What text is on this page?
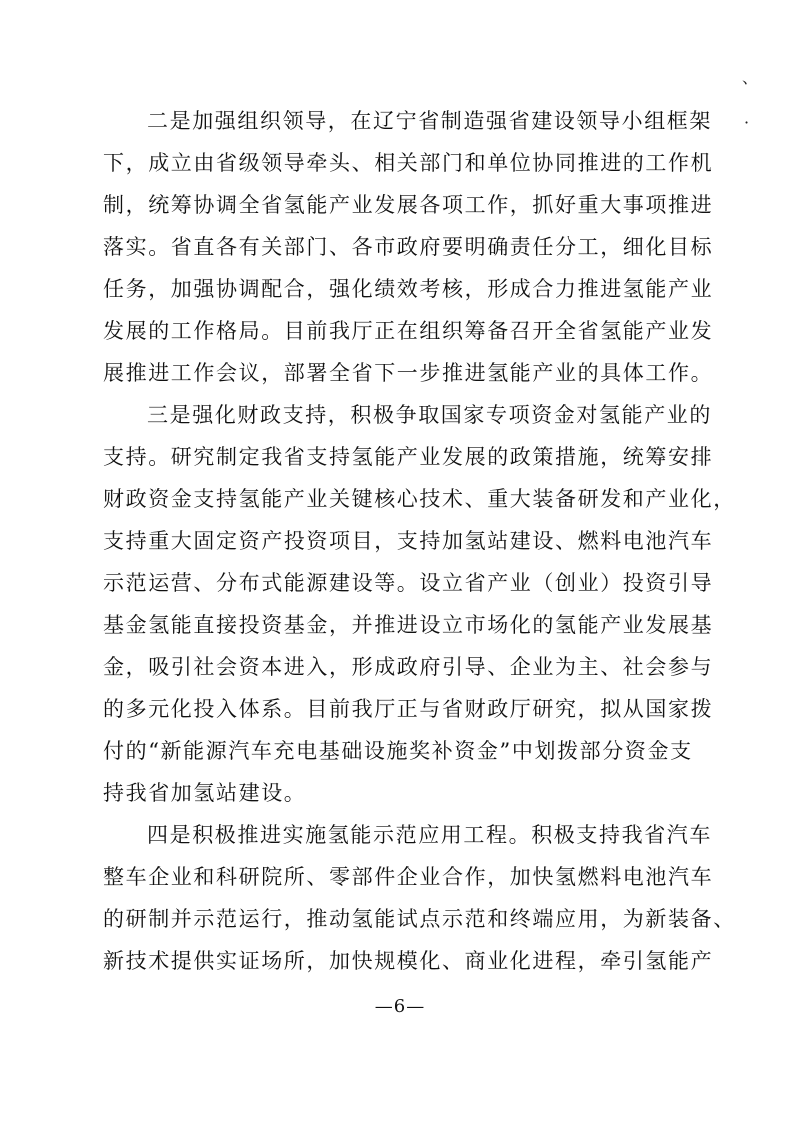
、
·
二是加强组织领导，在辽宁省制造强省建设领导小组框架
下，成立由省级领导牵头、相关部门和单位协同推进的工作机
制，统筹协调全省氢能产业发展各项工作，抓好重大事项推进
落实。省直各有关部门、各市政府要明确责任分工，细化目标
任务，加强协调配合，强化绩效考核，形成合力推进氢能产业
发展的工作格局。目前我厅正在组织筹备召开全省氢能产业发
展推进工作会议，部署全省下一步推进氢能产业的具体工作。
三是强化财政支持，积极争取国家专项资金对氢能产业的
支持。研究制定我省支持氢能产业发展的政策措施，统筹安排
财政资金支持氢能产业关键核心技术、重大装备研发和产业化，
支持重大固定资产投资项目，支持加氢站建设、燃料电池汽车
示范运营、分布式能源建设等。设立省产业（创业）投资引导
基金氢能直接投资基金，并推进设立市场化的氢能产业发展基
金，吸引社会资本进入，形成政府引导、企业为主、社会参与
的多元化投入体系。目前我厅正与省财政厅研究，拟从国家拨
付的“新能源汽车充电基础设施奖补资金”中划拨部分资金支
持我省加氢站建设。
四是积极推进实施氢能示范应用工程。积极支持我省汽车
整车企业和科研院所、零部件企业合作，加快氢燃料电池汽车
的研制并示范运行，推动氢能试点示范和终端应用，为新装备、
新技术提供实证场所，加快规模化、商业化进程，牵引氢能产
—6—
